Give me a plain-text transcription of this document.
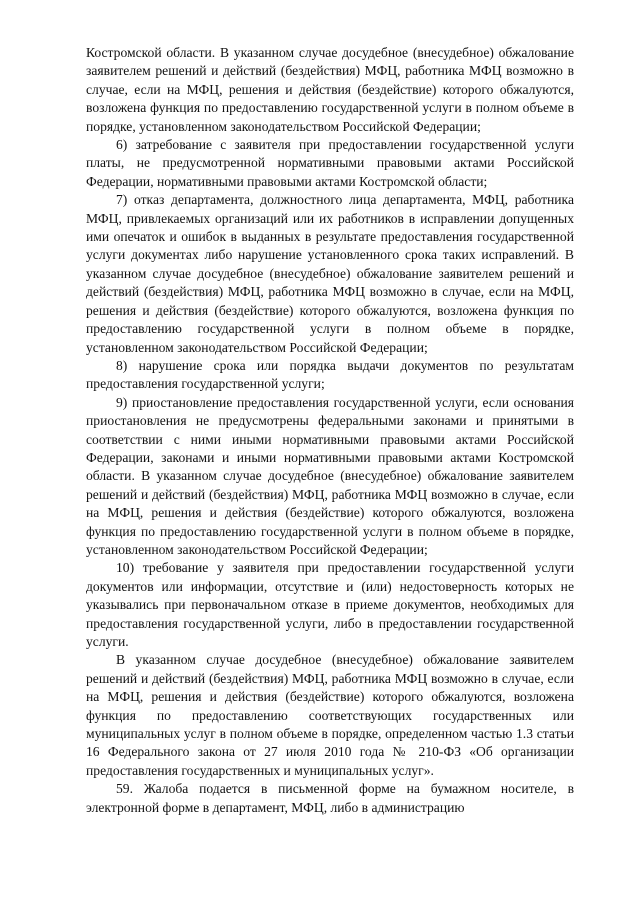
Костромской области. В указанном случае досудебное (внесудебное) обжалование заявителем решений и действий (бездействия) МФЦ, работника МФЦ возможно в случае, если на МФЦ, решения и действия (бездействие) которого обжалуются, возложена функция по предоставлению государственной услуги в полном объеме в порядке, установленном законодательством Российской Федерации;

6) затребование с заявителя при предоставлении государственной услуги платы, не предусмотренной нормативными правовыми актами Российской Федерации, нормативными правовыми актами Костромской области;

7) отказ департамента, должностного лица департамента, МФЦ, работника МФЦ, привлекаемых организаций или их работников в исправлении допущенных ими опечаток и ошибок в выданных в результате предоставления государственной услуги документах либо нарушение установленного срока таких исправлений. В указанном случае досудебное (внесудебное) обжалование заявителем решений и действий (бездействия) МФЦ, работника МФЦ возможно в случае, если на МФЦ, решения и действия (бездействие) которого обжалуются, возложена функция по предоставлению государственной услуги в полном объеме в порядке, установленном законодательством Российской Федерации;

8) нарушение срока или порядка выдачи документов по результатам предоставления государственной услуги;

9) приостановление предоставления государственной услуги, если основания приостановления не предусмотрены федеральными законами и принятыми в соответствии с ними иными нормативными правовыми актами Российской Федерации, законами и иными нормативными правовыми актами Костромской области. В указанном случае досудебное (внесудебное) обжалование заявителем решений и действий (бездействия) МФЦ, работника МФЦ возможно в случае, если на МФЦ, решения и действия (бездействие) которого обжалуются, возложена функция по предоставлению государственной услуги в полном объеме в порядке, установленном законодательством Российской Федерации;

10) требование у заявителя при предоставлении государственной услуги документов или информации, отсутствие и (или) недостоверность которых не указывались при первоначальном отказе в приеме документов, необходимых для предоставления государственной услуги, либо в предоставлении государственной услуги.

В указанном случае досудебное (внесудебное) обжалование заявителем решений и действий (бездействия) МФЦ, работника МФЦ возможно в случае, если на МФЦ, решения и действия (бездействие) которого обжалуются, возложена функция по предоставлению соответствующих государственных или муниципальных услуг в полном объеме в порядке, определенном частью 1.3 статьи 16 Федерального закона от 27 июля 2010 года № 210-ФЗ «Об организации предоставления государственных и муниципальных услуг».

59. Жалоба подается в письменной форме на бумажном носителе, в электронной форме в департамент, МФЦ, либо в администрацию
